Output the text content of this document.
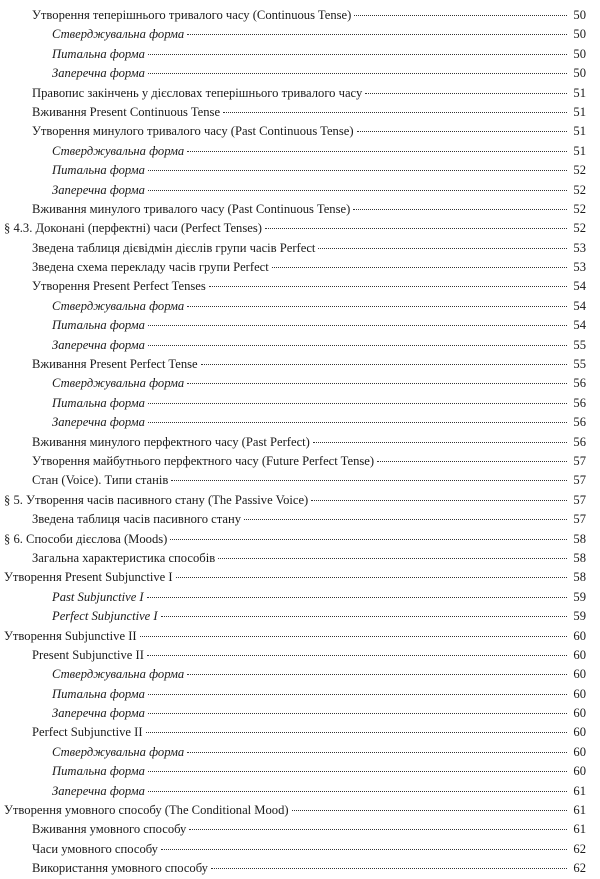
Утворення теперішнього тривалого часу (Continuous Tense)	50
Стверджувальна форма	50
Питальна форма	50
Заперечна форма	50
Правопис закінчень у дієсловах теперішнього тривалого часу	51
Вживання Present Continuous Tense	51
Утворення минулого тривалого часу (Past Continuous Tense)	51
Стверджувальна форма	51
Питальна форма	52
Заперечна форма	52
Вживання минулого тривалого часу (Past Continuous Tense)	52
§ 4.3. Доконані (перфектні) часи (Perfect Tenses)	52
Зведена таблиця дієвідмін дієслів групи часів Perfect	53
Зведена схема перекладу часів групи Perfect	53
Утворення Present Perfect Tenses	54
Стверджувальна форма	54
Питальна форма	54
Заперечна форма	55
Вживання Present Perfect Tense	55
Стверджувальна форма	56
Питальна форма	56
Заперечна форма	56
Вживання минулого перфектного часу (Past Perfect)	56
Утворення майбутнього перфектного часу (Future Perfect Tense)	57
Стан (Voice). Типи станів	57
§ 5. Утворення часів пасивного стану (The Passive Voice)	57
Зведена таблиця часів пасивного стану	57
§ 6. Способи дієслова (Moods)	58
Загальна характеристика способів	58
Утворення Present Subjunctive I	58
Past Subjunctive I	59
Perfect Subjunctive I	59
Утворення Subjunctive II	60
Present Subjunctive II	60
Стверджувальна форма	60
Питальна форма	60
Заперечна форма	60
Perfect Subjunctive II	60
Стверджувальна форма	60
Питальна форма	60
Заперечна форма	61
Утворення умовного способу (The Conditional Mood)	61
Вживання умовного способу	61
Часи умовного способу	62
Використання умовного способу	62
